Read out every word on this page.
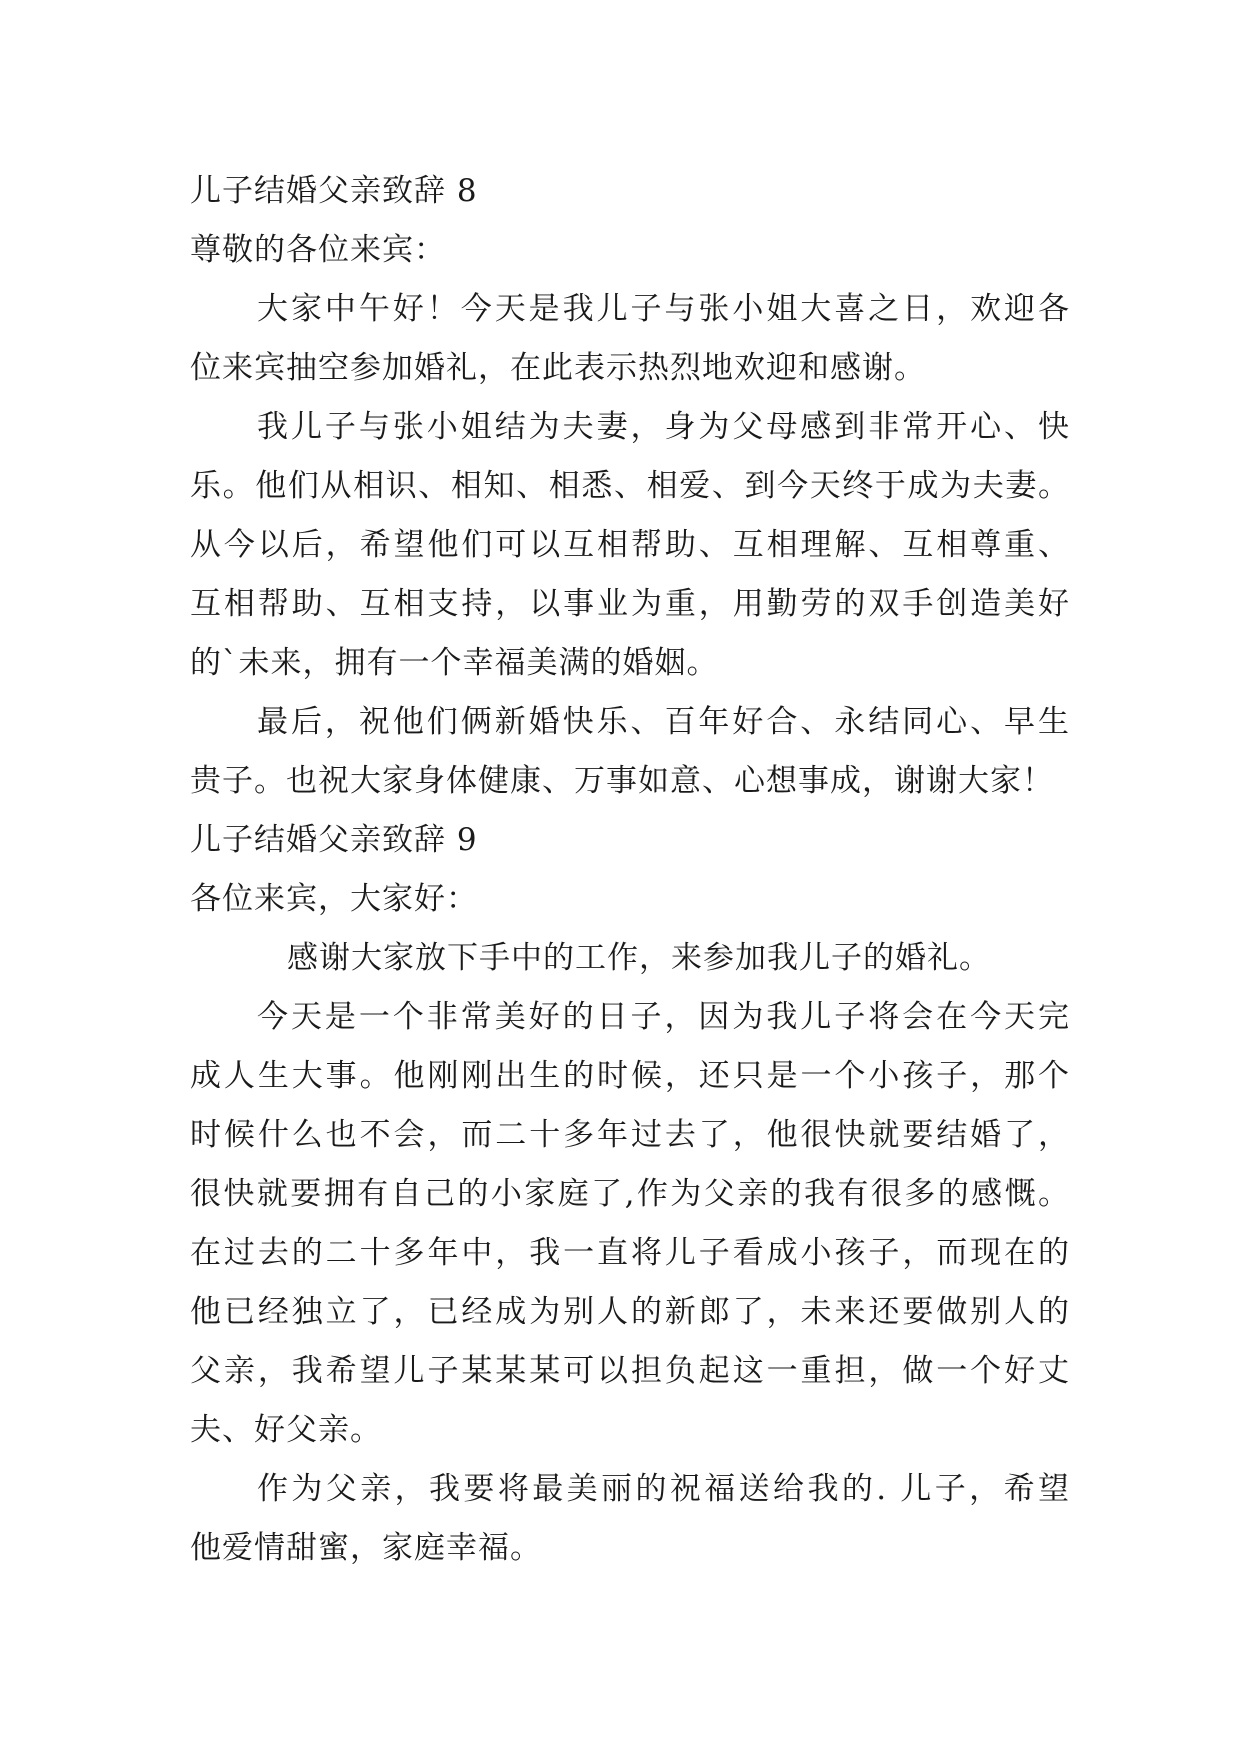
儿子结婚父亲致辞 8
尊敬的各位来宾：
大家中午好！今天是我儿子与张小姐大喜之日，欢迎各
位来宾抽空参加婚礼，在此表示热烈地欢迎和感谢。
我儿子与张小姐结为夫妻，身为父母感到非常开心、快
乐。他们从相识、相知、相悉、相爱、到今天终于成为夫妻。
从今以后，希望他们可以互相帮助、互相理解、互相尊重、
互相帮助、互相支持，以事业为重，用勤劳的双手创造美好
的`未来，拥有一个幸福美满的婚姻。
最后，祝他们俩新婚快乐、百年好合、永结同心、早生
贵子。也祝大家身体健康、万事如意、心想事成，谢谢大家！
儿子结婚父亲致辞 9
各位来宾，大家好：
感谢大家放下手中的工作，来参加我儿子的婚礼。
今天是一个非常美好的日子，因为我儿子将会在今天完
成人生大事。他刚刚出生的时候，还只是一个小孩子，那个
时候什么也不会，而二十多年过去了，他很快就要结婚了，
很快就要拥有自己的小家庭了,作为父亲的我有很多的感慨。
在过去的二十多年中，我一直将儿子看成小孩子，而现在的
他已经独立了，已经成为别人的新郎了，未来还要做别人的
父亲，我希望儿子某某某可以担负起这一重担，做一个好丈
夫、好父亲。
作为父亲，我要将最美丽的祝福送给我的. 儿子，希望
他爱情甜蜜，家庭幸福。
